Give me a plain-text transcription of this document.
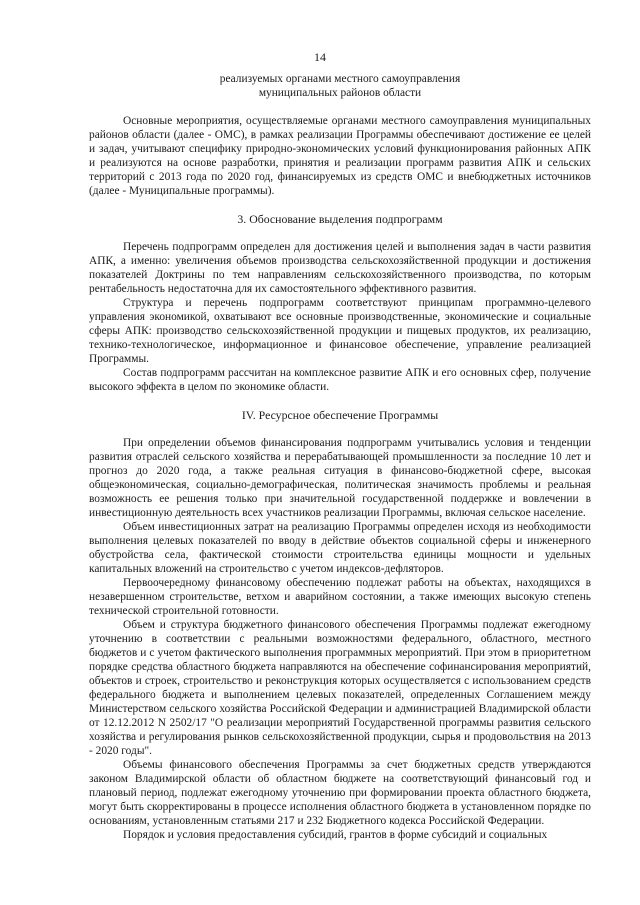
14
реализуемых органами местного самоуправления
муниципальных районов области

Основные мероприятия, осуществляемые органами местного самоуправления муниципальных районов области (далее - ОМС), в рамках реализации Программы обеспечивают достижение ее целей и задач, учитывают специфику природно-экономических условий функционирования районных АПК и реализуются на основе разработки, принятия и реализации программ развития АПК и сельских территорий с 2013 года по 2020 год, финансируемых из средств ОМС и внебюджетных источников (далее - Муниципальные программы).

3. Обоснование выделения подпрограмм

Перечень подпрограмм определен для достижения целей и выполнения задач в части развития АПК, а именно: увеличения объемов производства сельскохозяйственной продукции и достижения показателей Доктрины по тем направлениям сельскохозяйственного производства, по которым рентабельность недостаточна для их самостоятельного эффективного развития.

Структура и перечень подпрограмм соответствуют принципам программно-целевого управления экономикой, охватывают все основные производственные, экономические и социальные сферы АПК: производство сельскохозяйственной продукции и пищевых продуктов, их реализацию, технико-технологическое, информационное и финансовое обеспечение, управление реализацией Программы.

Состав подпрограмм рассчитан на комплексное развитие АПК и его основных сфер, получение высокого эффекта в целом по экономике области.

IV. Ресурсное обеспечение Программы

При определении объемов финансирования подпрограмм учитывались условия и тенденции развития отраслей сельского хозяйства и перерабатывающей промышленности за последние 10 лет и прогноз до 2020 года, а также реальная ситуация в финансово-бюджетной сфере, высокая общеэкономическая, социально-демографическая, политическая значимость проблемы и реальная возможность ее решения только при значительной государственной поддержке и вовлечении в инвестиционную деятельность всех участников реализации Программы, включая сельское население.

Объем инвестиционных затрат на реализацию Программы определен исходя из необходимости выполнения целевых показателей по вводу в действие объектов социальной сферы и инженерного обустройства села, фактической стоимости строительства единицы мощности и удельных капитальных вложений на строительство с учетом индексов-дефляторов.

Первоочередному финансовому обеспечению подлежат работы на объектах, находящихся в незавершенном строительстве, ветхом и аварийном состоянии, а также имеющих высокую степень технической строительной готовности.

Объем и структура бюджетного финансового обеспечения Программы подлежат ежегодному уточнению в соответствии с реальными возможностями федерального, областного, местного бюджетов и с учетом фактического выполнения программных мероприятий. При этом в приоритетном порядке средства областного бюджета направляются на обеспечение софинансирования мероприятий, объектов и строек, строительство и реконструкция которых осуществляется с использованием средств федерального бюджета и выполнением целевых показателей, определенных Соглашением между Министерством сельского хозяйства Российской Федерации и администрацией Владимирской области от 12.12.2012 N 2502/17 "О реализации мероприятий Государственной программы развития сельского хозяйства и регулирования рынков сельскохозяйственной продукции, сырья и продовольствия на 2013 - 2020 годы".

Объемы финансового обеспечения Программы за счет бюджетных средств утверждаются законом Владимирской области об областном бюджете на соответствующий финансовый год и плановый период, подлежат ежегодному уточнению при формировании проекта областного бюджета, могут быть скорректированы в процессе исполнения областного бюджета в установленном порядке по основаниям, установленным статьями 217 и 232 Бюджетного кодекса Российской Федерации.

Порядок и условия предоставления субсидий, грантов в форме субсидий и социальных
